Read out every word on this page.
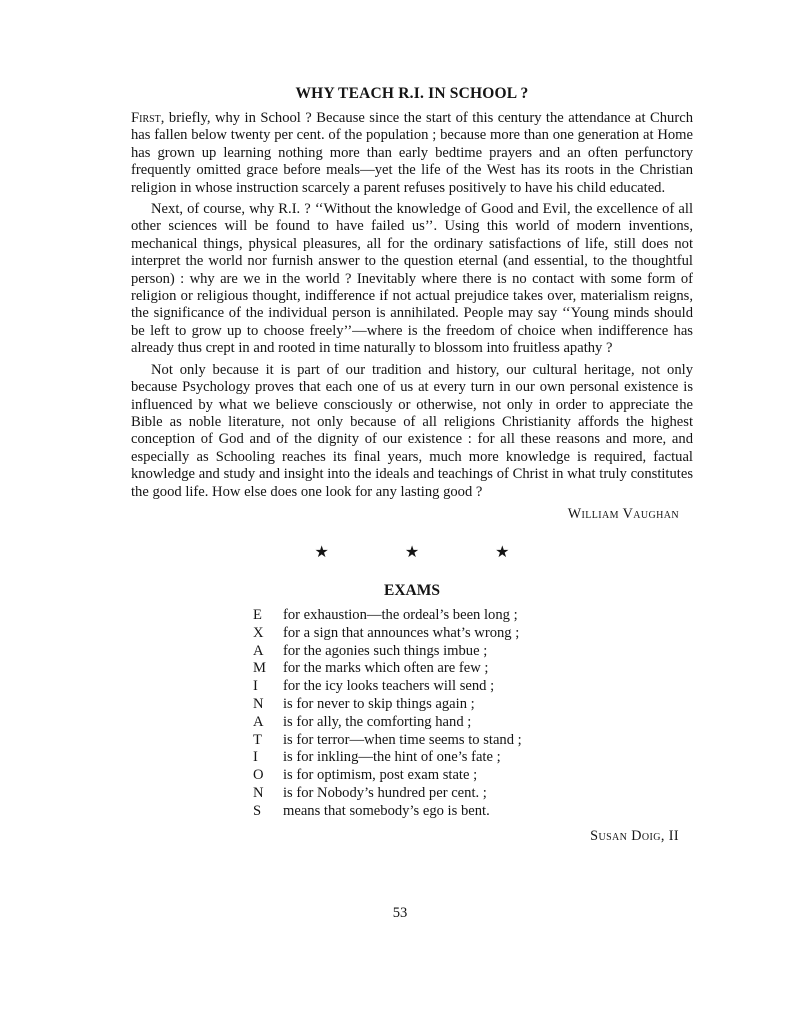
WHY TEACH R.I. IN SCHOOL ?

First, briefly, why in School ? Because since the start of this century the attendance at Church has fallen below twenty per cent. of the population ; because more than one generation at Home has grown up learning nothing more than early bedtime prayers and an often perfunctory frequently omitted grace before meals—yet the life of the West has its roots in the Christian religion in whose instruction scarcely a parent refuses positively to have his child educated.

Next, of course, why R.I. ? ‘‘Without the knowledge of Good and Evil, the excellence of all other sciences will be found to have failed us’’. Using this world of modern inventions, mechanical things, physical pleasures, all for the ordinary satisfactions of life, still does not interpret the world nor furnish answer to the question eternal (and essential, to the thoughtful person) : why are we in the world ? Inevitably where there is no contact with some form of religion or religious thought, indifference if not actual prejudice takes over, materialism reigns, the significance of the individual person is annihilated. People may say ‘‘Young minds should be left to grow up to choose freely’’—where is the freedom of choice when indifference has already thus crept in and rooted in time naturally to blossom into fruitless apathy ?

Not only because it is part of our tradition and history, our cultural heritage, not only because Psychology proves that each one of us at every turn in our own personal existence is influenced by what we believe consciously or otherwise, not only in order to appreciate the Bible as noble literature, not only because of all religions Christianity affords the highest conception of God and of the dignity of our existence : for all these reasons and more, and especially as Schooling reaches its final years, much more knowledge is required, factual knowledge and study and insight into the ideals and teachings of Christ in what truly constitutes the good life. How else does one look for any lasting good ?

William Vaughan
★ ★ ★
EXAMS
E	for exhaustion—the ordeal’s been long ;
X	for a sign that announces what’s wrong ;
A	for the agonies such things imbue ;
M	for the marks which often are few ;
I	for the icy looks teachers will send ;
N	is for never to skip things again ;
A	is for ally, the comforting hand ;
T	is for terror—when time seems to stand ;
I	is for inkling—the hint of one’s fate ;
O	is for optimism, post exam state ;
N	is for Nobody’s hundred per cent. ;
S	means that somebody’s ego is bent.
Susan Doig, II
53
